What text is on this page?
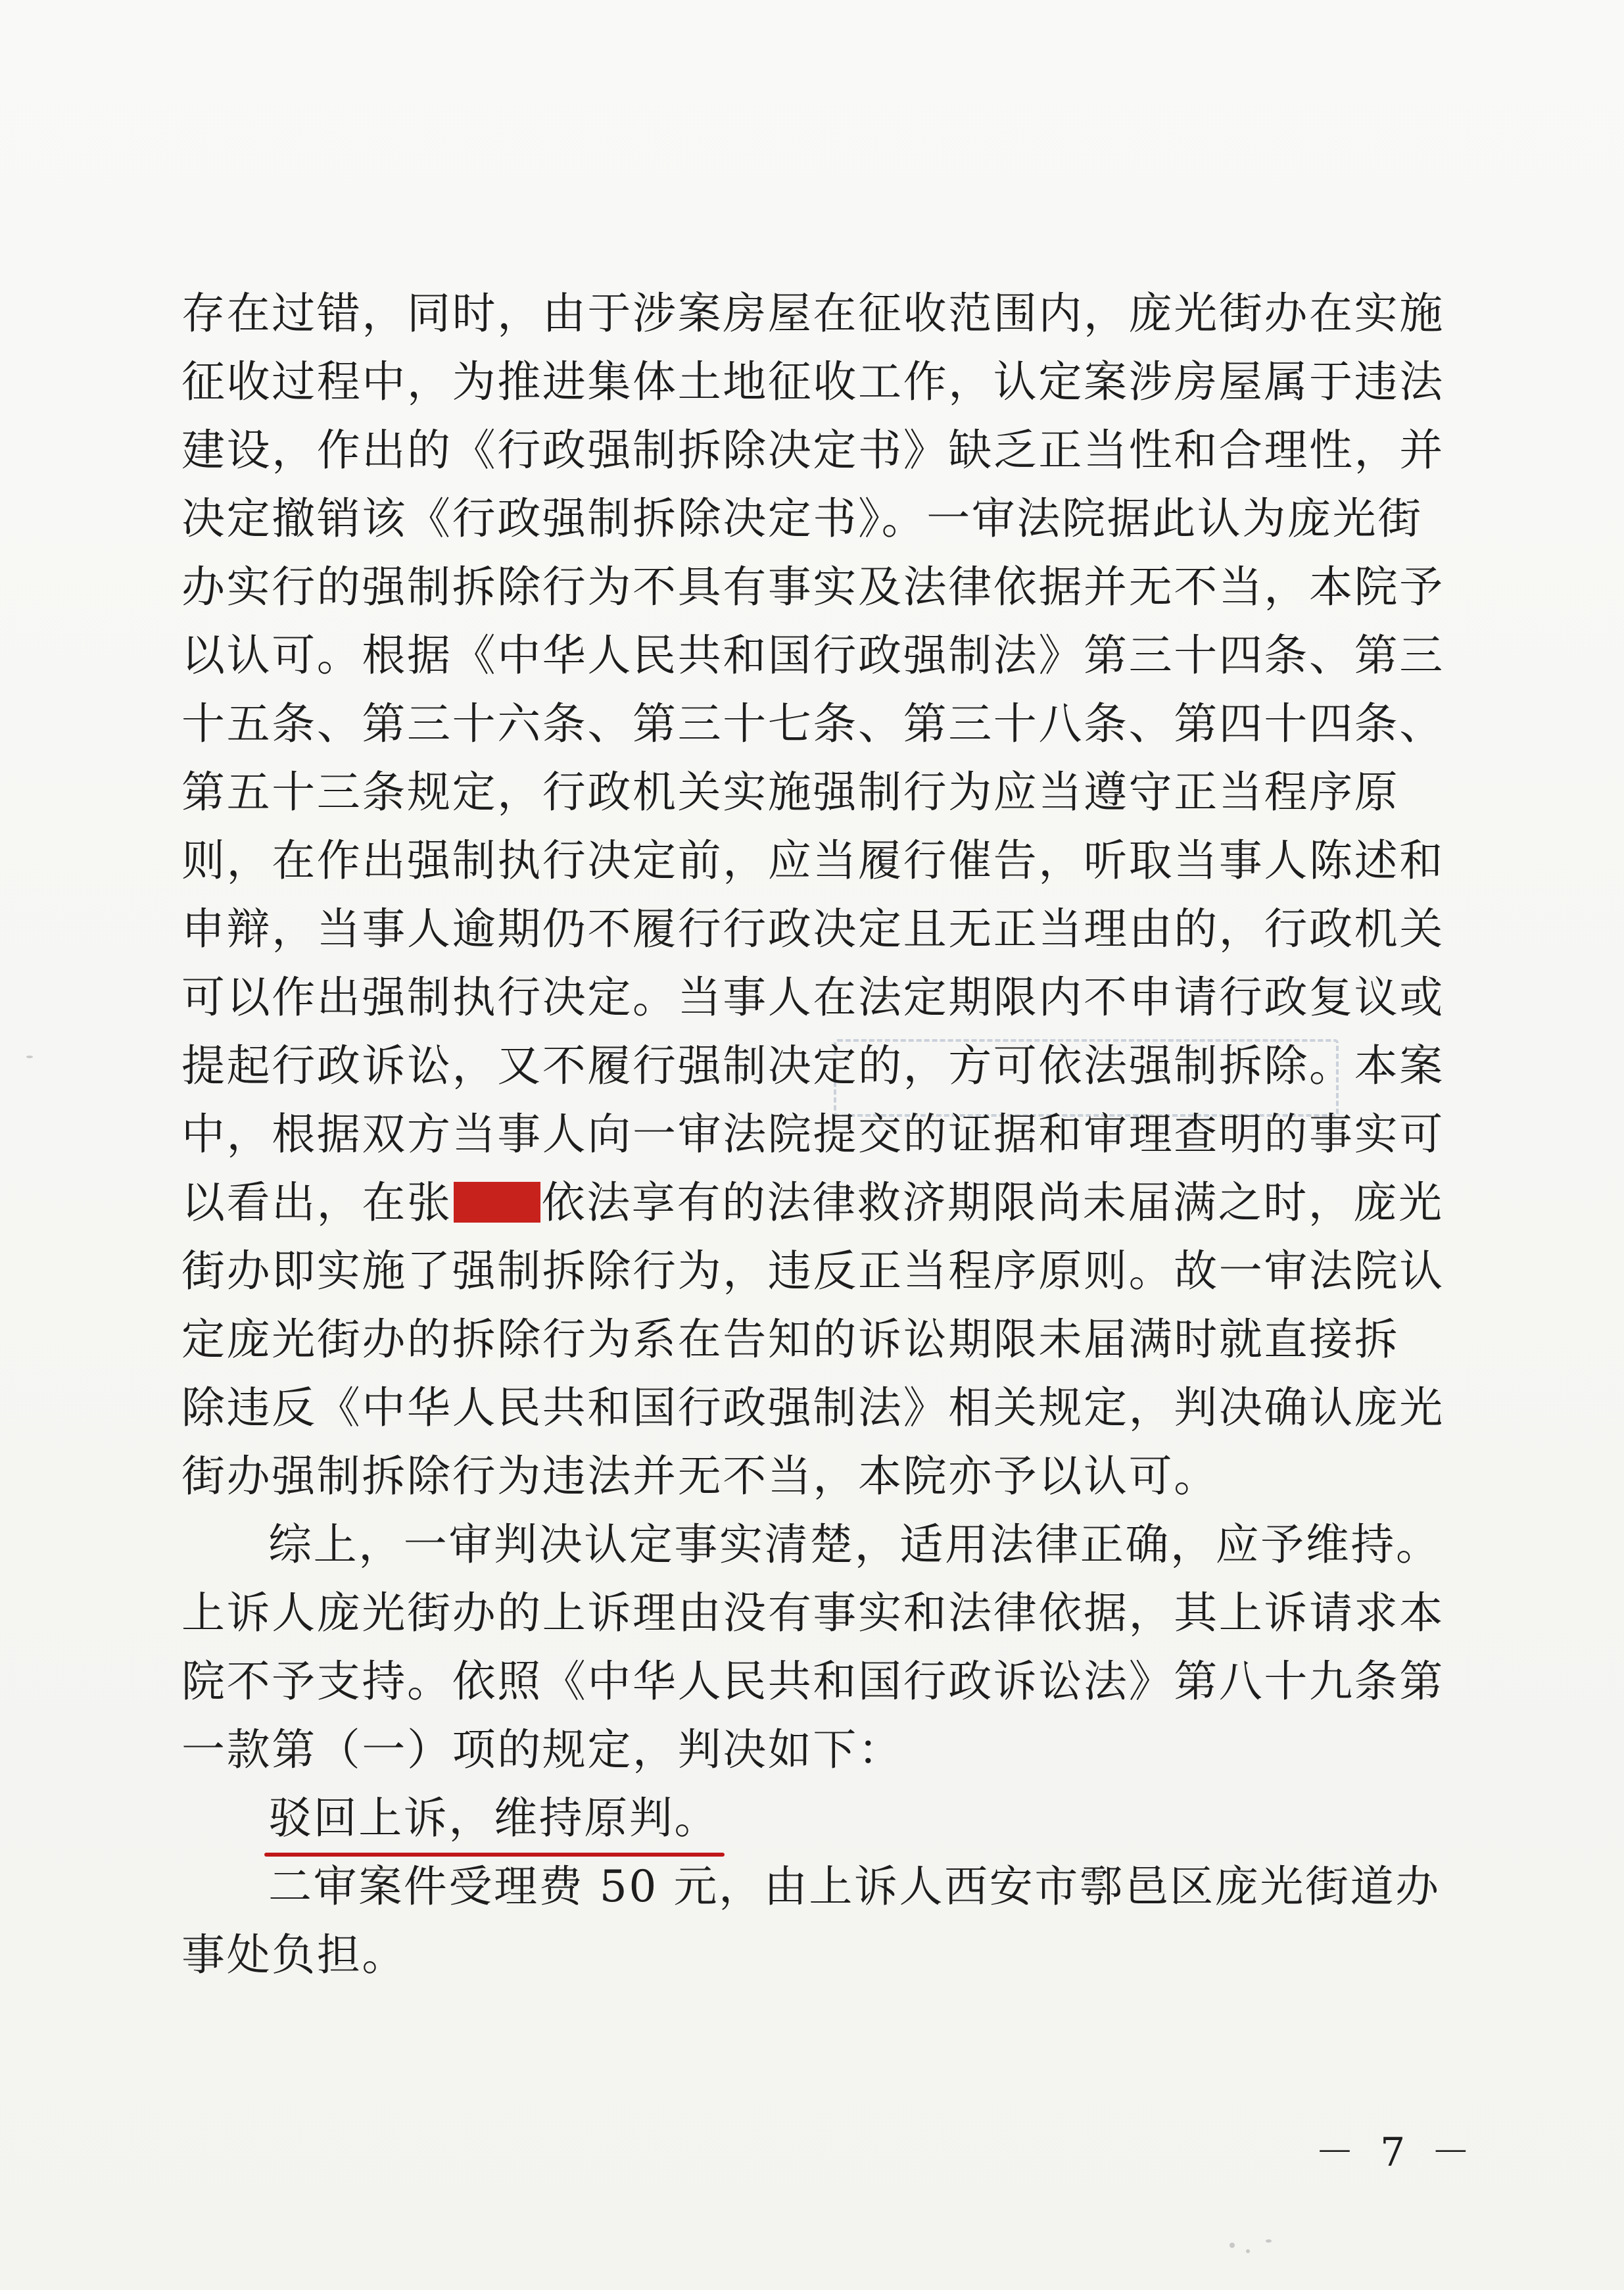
存在过错，同时，由于涉案房屋在征收范围内，庞光街办在实施
征收过程中，为推进集体土地征收工作，认定案涉房屋属于违法
建设，作出的《行政强制拆除决定书》缺乏正当性和合理性，并
决定撤销该《行政强制拆除决定书》。一审法院据此认为庞光街
办实行的强制拆除行为不具有事实及法律依据并无不当，本院予
以认可。根据《中华人民共和国行政强制法》第三十四条、第三
十五条、第三十六条、第三十七条、第三十八条、第四十四条、
第五十三条规定，行政机关实施强制行为应当遵守正当程序原
则，在作出强制执行决定前，应当履行催告，听取当事人陈述和
申辩，当事人逾期仍不履行行政决定且无正当理由的，行政机关
可以作出强制执行决定。当事人在法定期限内不申请行政复议或
提起行政诉讼，又不履行强制决定的，方可依法强制拆除。本案
中，根据双方当事人向一审法院提交的证据和审理查明的事实可
以看出，在张 依法享有的法律救济期限尚未届满之时，庞光
街办即实施了强制拆除行为，违反正当程序原则。故一审法院认
定庞光街办的拆除行为系在告知的诉讼期限未届满时就直接拆
除违反《中华人民共和国行政强制法》相关规定，判决确认庞光
街办强制拆除行为违法并无不当，本院亦予以认可。
综上，一审判决认定事实清楚，适用法律正确，应予维持。
上诉人庞光街办的上诉理由没有事实和法律依据，其上诉请求本
院不予支持。依照《中华人民共和国行政诉讼法》第八十九条第
一款第（一）项的规定，判决如下：
驳回上诉，维持原判。
二审案件受理费 50 元，由上诉人西安市鄠邑区庞光街道办
事处负担。
－ 7 －
